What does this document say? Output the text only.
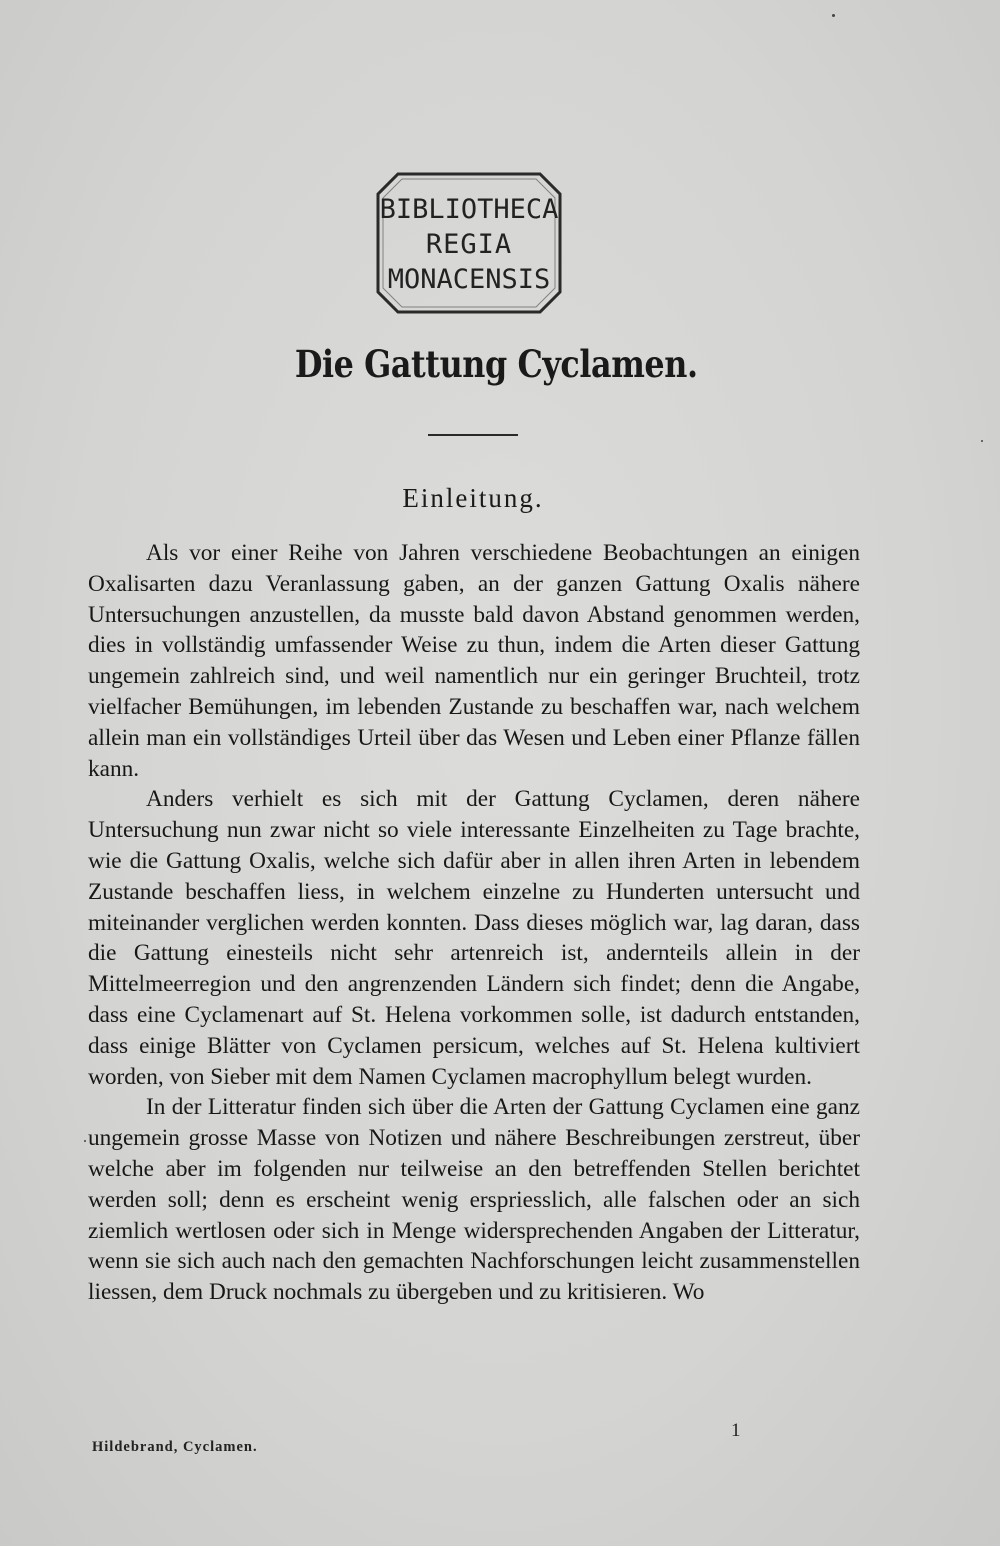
BIBLIOTHECA
REGIA
MONACENSIS
Die Gattung Cyclamen.
Einleitung.

Als vor einer Reihe von Jahren verschiedene Beobachtungen an einigen Oxalisarten dazu Veranlassung gaben, an der ganzen Gattung Oxalis nähere Untersuchungen anzustellen, da musste bald davon Abstand genommen werden, dies in vollständig umfassender Weise zu thun, indem die Arten dieser Gattung ungemein zahlreich sind, und weil namentlich nur ein geringer Bruchteil, trotz vielfacher Bemühungen, im lebenden Zustande zu beschaffen war, nach welchem allein man ein vollständiges Urteil über das Wesen und Leben einer Pflanze fällen kann.

Anders verhielt es sich mit der Gattung Cyclamen, deren nähere Untersuchung nun zwar nicht so viele interessante Einzelheiten zu Tage brachte, wie die Gattung Oxalis, welche sich dafür aber in allen ihren Arten in lebendem Zustande beschaffen liess, in welchem einzelne zu Hunderten untersucht und miteinander verglichen werden konnten. Dass dieses möglich war, lag daran, dass die Gattung einesteils nicht sehr artenreich ist, andernteils allein in der Mittelmeerregion und den angrenzenden Ländern sich findet; denn die Angabe, dass eine Cyclamenart auf St. Helena vorkommen solle, ist dadurch entstanden, dass einige Blätter von Cyclamen persicum, welches auf St. Helena kultiviert worden, von Sieber mit dem Namen Cyclamen macrophyllum belegt wurden.

In der Litteratur finden sich über die Arten der Gattung Cyclamen eine ganz ungemein grosse Masse von Notizen und nähere Beschreibungen zerstreut, über welche aber im folgenden nur teilweise an den betreffenden Stellen berichtet werden soll; denn es erscheint wenig erspriesslich, alle falschen oder an sich ziemlich wertlosen oder sich in Menge widersprechenden Angaben der Litteratur, wenn sie sich auch nach den gemachten Nachforschungen leicht zusammenstellen liessen, dem Druck nochmals zu übergeben und zu kritisieren. Wo

Hildebrand, Cyclamen.
1
